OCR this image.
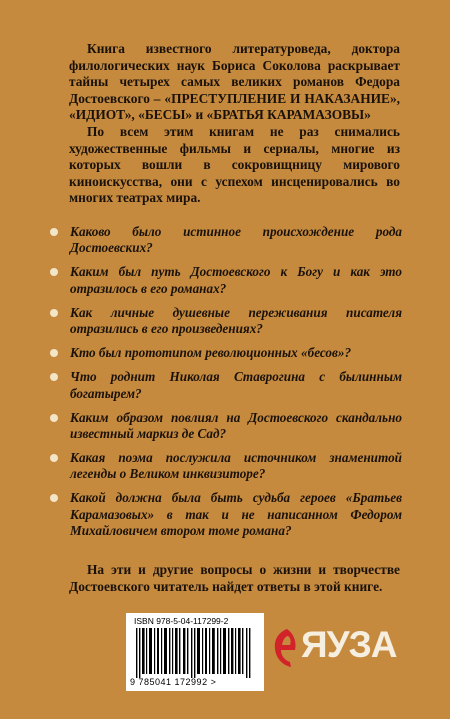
Книга известного литературоведа, доктора филологических наук Бориса Соколова раскрывает тайны четырех самых великих романов Федора Достоевского – «ПРЕСТУПЛЕНИЕ И НАКАЗАНИЕ», «ИДИОТ», «БЕСЫ» и «БРАТЬЯ КАРАМАЗОВЫ»

По всем этим книгам не раз снимались художественные фильмы и сериалы, многие из которых вошли в сокровищницу мирового киноискусства, они с успехом инсценировались во многих театрах мира.

Каково было истинное происхождение рода Достоевских?
Каким был путь Достоевского к Богу и как это отразилось в его романах?
Как личные душевные переживания писателя отразились в его произведениях?
Кто был прототипом революционных «бесов»?
Что роднит Николая Ставрогина с былинным богатырем?
Каким образом повлиял на Достоевского скандально известный маркиз де Сад?
Какая поэма послужила источником знаменитой легенды о Великом инквизиторе?
Какой должна была быть судьба героев «Братьев Карамазовых» в так и не написанном Федором Михайловичем втором томе романа?

На эти и другие вопросы о жизни и творчестве Достоевского читатель найдет ответы в этой книге.

ISBN 978-5-04-117299-2
9 785041 172992 >
ЯУЗА
